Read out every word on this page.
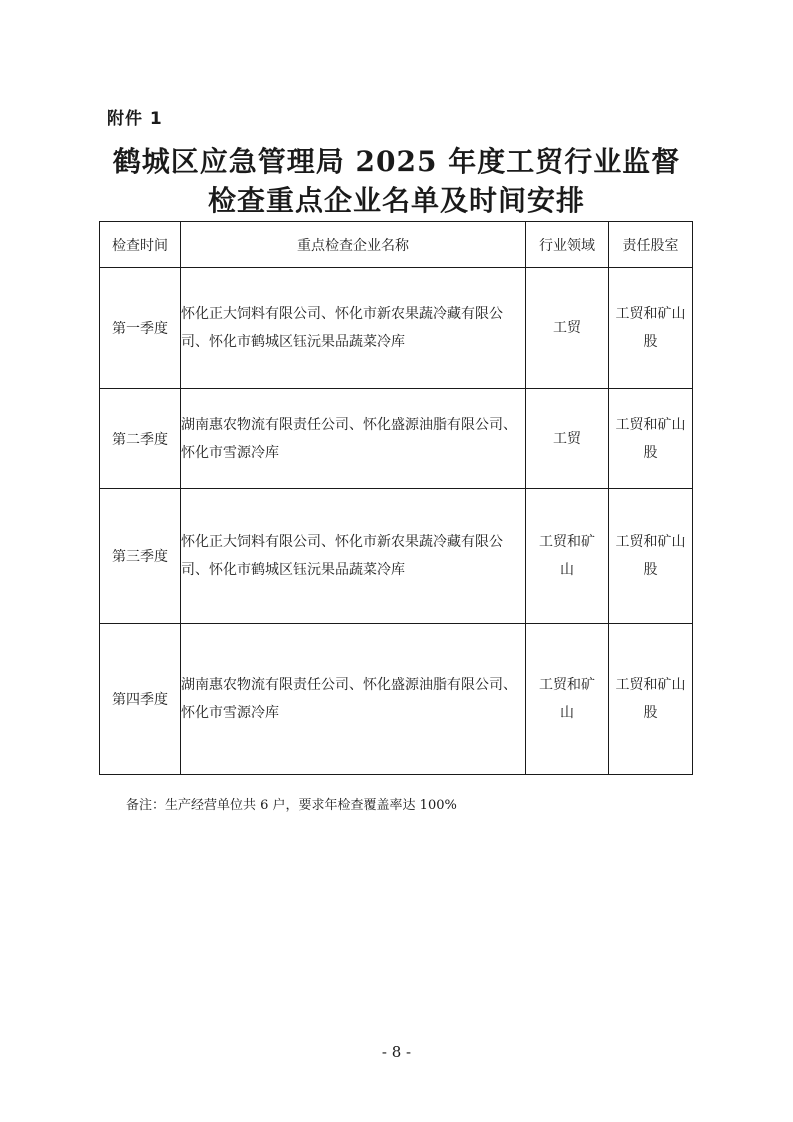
附件 1
鹤城区应急管理局 2025 年度工贸行业监督
检查重点企业名单及时间安排
检查时间	重点检查企业名称	行业领域	责任股室
第一季度	怀化正大饲料有限公司、怀化市新农果蔬冷藏有限公司、怀化市鹤城区钰沅果品蔬菜冷库	工贸	工贸和矿山股
第二季度	湖南惠农物流有限责任公司、怀化盛源油脂有限公司、怀化市雪源冷库	工贸	工贸和矿山股
第三季度	怀化正大饲料有限公司、怀化市新农果蔬冷藏有限公司、怀化市鹤城区钰沅果品蔬菜冷库	工贸和矿山	工贸和矿山股
第四季度	湖南惠农物流有限责任公司、怀化盛源油脂有限公司、怀化市雪源冷库	工贸和矿山	工贸和矿山股
备注：生产经营单位共 6 户，要求年检查覆盖率达 100%
- 8 -
